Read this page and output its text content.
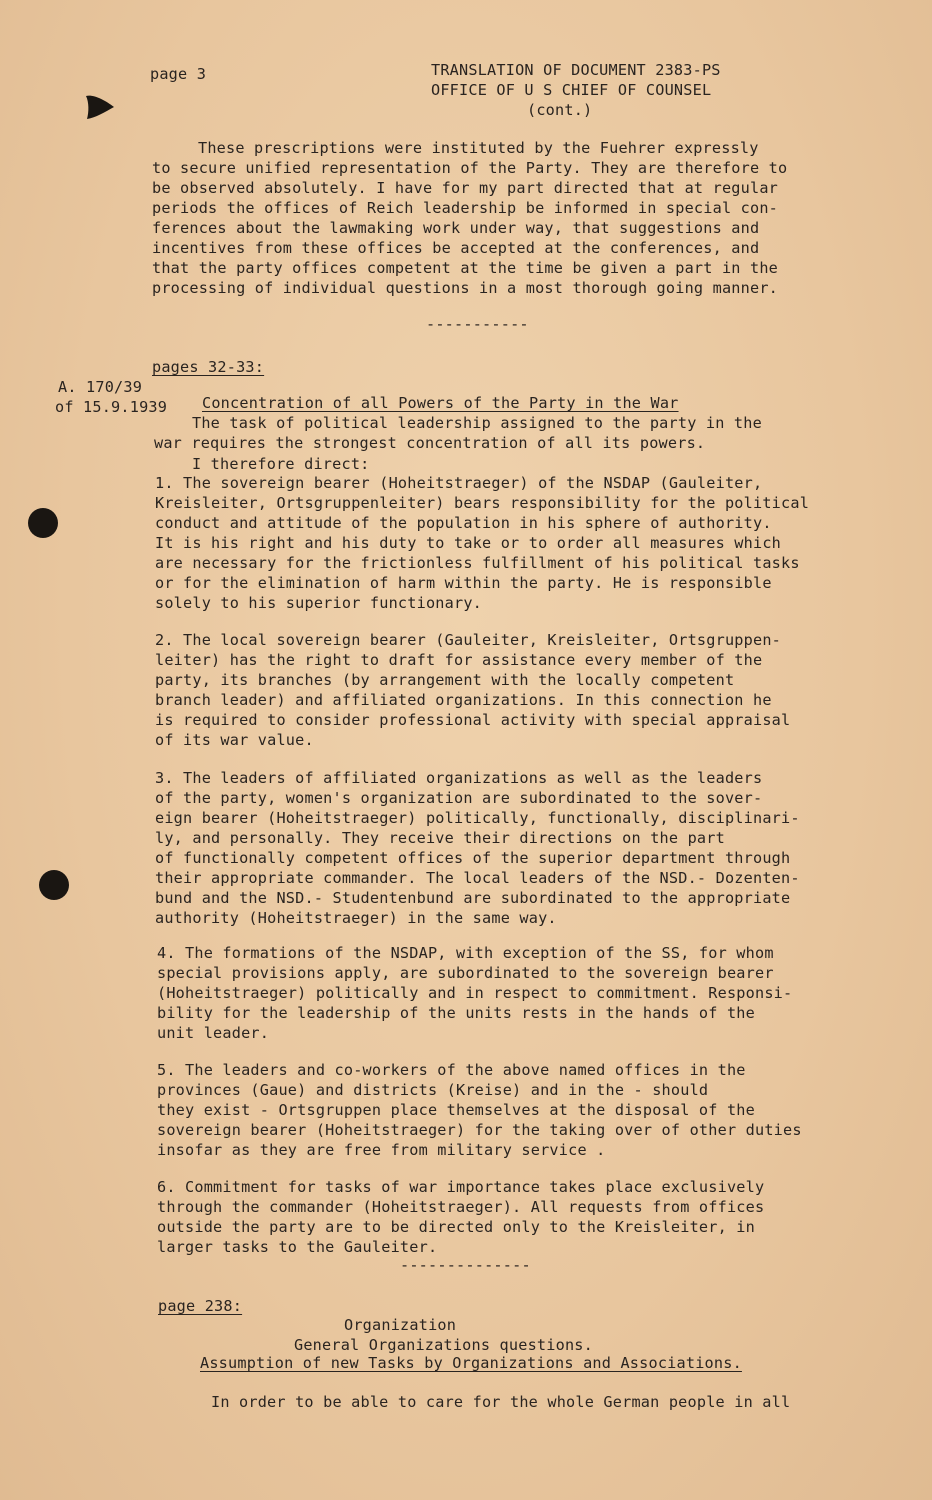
page 3	TRANSLATION OF DOCUMENT 2383-PS
OFFICE OF U S CHIEF OF COUNSEL
(cont.)
These prescriptions were instituted by the Fuehrer expressly
to secure unified representation of the Party. They are therefore to
be observed absolutely. I have for my part directed that at regular
periods the offices of Reich leadership be informed in special con-
ferences about the lawmaking work under way, that suggestions and
incentives from these offices be accepted at the conferences, and
that the party offices competent at the time be given a part in the
processing of individual questions in a most thorough going manner.
-----------
pages 32-33:
A. 170/39
of 15.9.1939 Concentration of all Powers of the Party in the War
The task of political leadership assigned to the party in the
war requires the strongest concentration of all its powers.
I therefore direct:
1. The sovereign bearer (Hoheitstraeger) of the NSDAP (Gauleiter,
Kreisleiter, Ortsgruppenleiter) bears responsibility for the political
conduct and attitude of the population in his sphere of authority.
It is his right and his duty to take or to order all measures which
are necessary for the frictionless fulfillment of his political tasks
or for the elimination of harm within the party. He is responsible
solely to his superior functionary.
2. The local sovereign bearer (Gauleiter, Kreisleiter, Ortsgruppen-
leiter) has the right to draft for assistance every member of the
party, its branches (by arrangement with the locally competent
branch leader) and affiliated organizations. In this connection he
is required to consider professional activity with special appraisal
of its war value.
3. The leaders of affiliated organizations as well as the leaders
of the party, women's organization are subordinated to the sover-
eign bearer (Hoheitstraeger) politically, functionally, disciplinari-
ly, and personally. They receive their directions on the part
of functionally competent offices of the superior department through
their appropriate commander. The local leaders of the NSD.- Dozenten-
bund and the NSD.- Studentenbund are subordinated to the appropriate
authority (Hoheitstraeger) in the same way.
4. The formations of the NSDAP, with exception of the SS, for whom
special provisions apply, are subordinated to the sovereign bearer
(Hoheitstraeger) politically and in respect to commitment. Responsi-
bility for the leadership of the units rests in the hands of the
unit leader.
5. The leaders and co-workers of the above named offices in the
provinces (Gaue) and districts (Kreise) and in the - should
they exist - Ortsgruppen place themselves at the disposal of the
sovereign bearer (Hoheitstraeger) for the taking over of other duties
insofar as they are free from military service .
6. Commitment for tasks of war importance takes place exclusively
through the commander (Hoheitstraeger). All requests from offices
outside the party are to be directed only to the Kreisleiter, in
larger tasks to the Gauleiter.
--------------
page 238:
Organization
General Organizations questions.
Assumption of new Tasks by Organizations and Associations.
In order to be able to care for the whole German people in all
